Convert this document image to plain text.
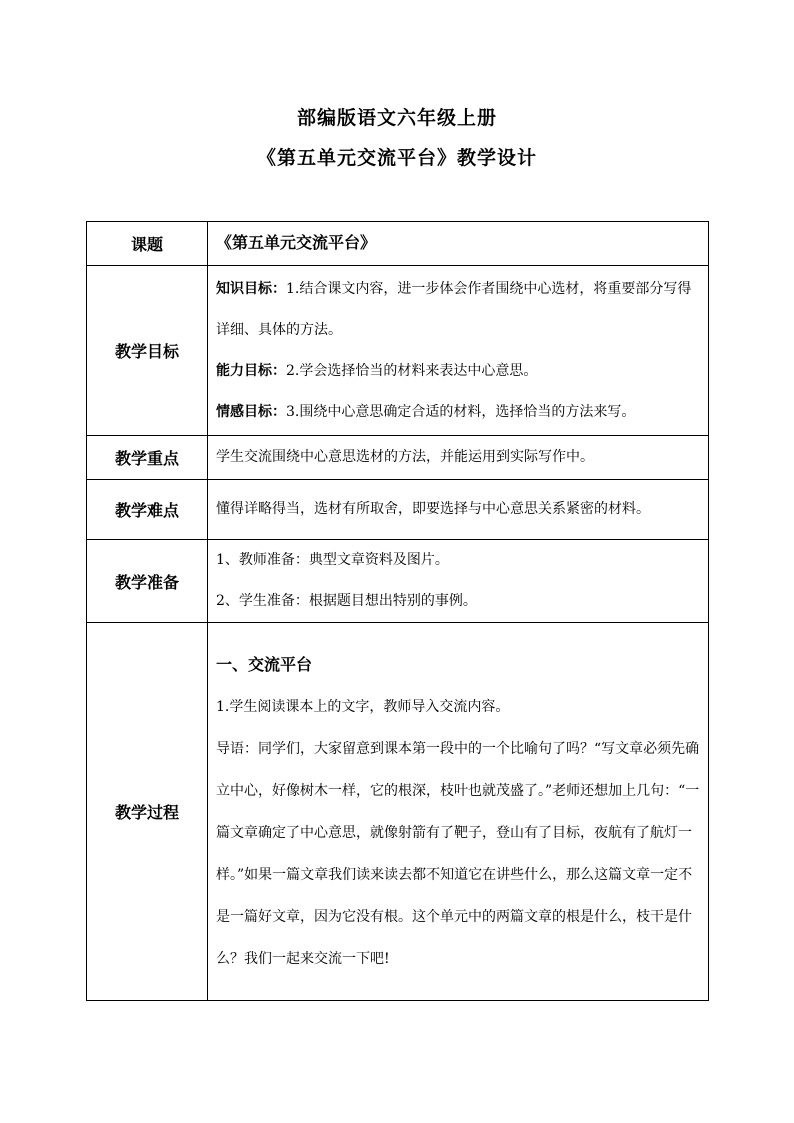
部编版语文六年级上册
《第五单元交流平台》教学设计
课题	《第五单元交流平台》
教学目标	知识目标：1.结合课文内容，进一步体会作者围绕中心选材，将重要部分写得详细、具体的方法。

能力目标：2.学会选择恰当的材料来表达中心意思。

情感目标：3.围绕中心意思确定合适的材料，选择恰当的方法来写。

教学重点	学生交流围绕中心意思选材的方法，并能运用到实际写作中。
教学难点	懂得详略得当，选材有所取舍，即要选择与中心意思关系紧密的材料。
教学准备	1、教师准备：典型文章资料及图片。

2、学生准备：根据题目想出特别的事例。

教学过程	一、交流平台

1.学生阅读课本上的文字，教师导入交流内容。

导语：同学们，大家留意到课本第一段中的一个比喻句了吗？“写文章必须先确立中心，好像树木一样，它的根深，枝叶也就茂盛了。”老师还想加上几句：“一篇文章确定了中心意思，就像射箭有了靶子，登山有了目标，夜航有了航灯一样。”如果一篇文章我们读来读去都不知道它在讲些什么，那么这篇文章一定不是一篇好文章，因为它没有根。这个单元中的两篇文章的根是什么，枝干是什么？我们一起来交流一下吧!
